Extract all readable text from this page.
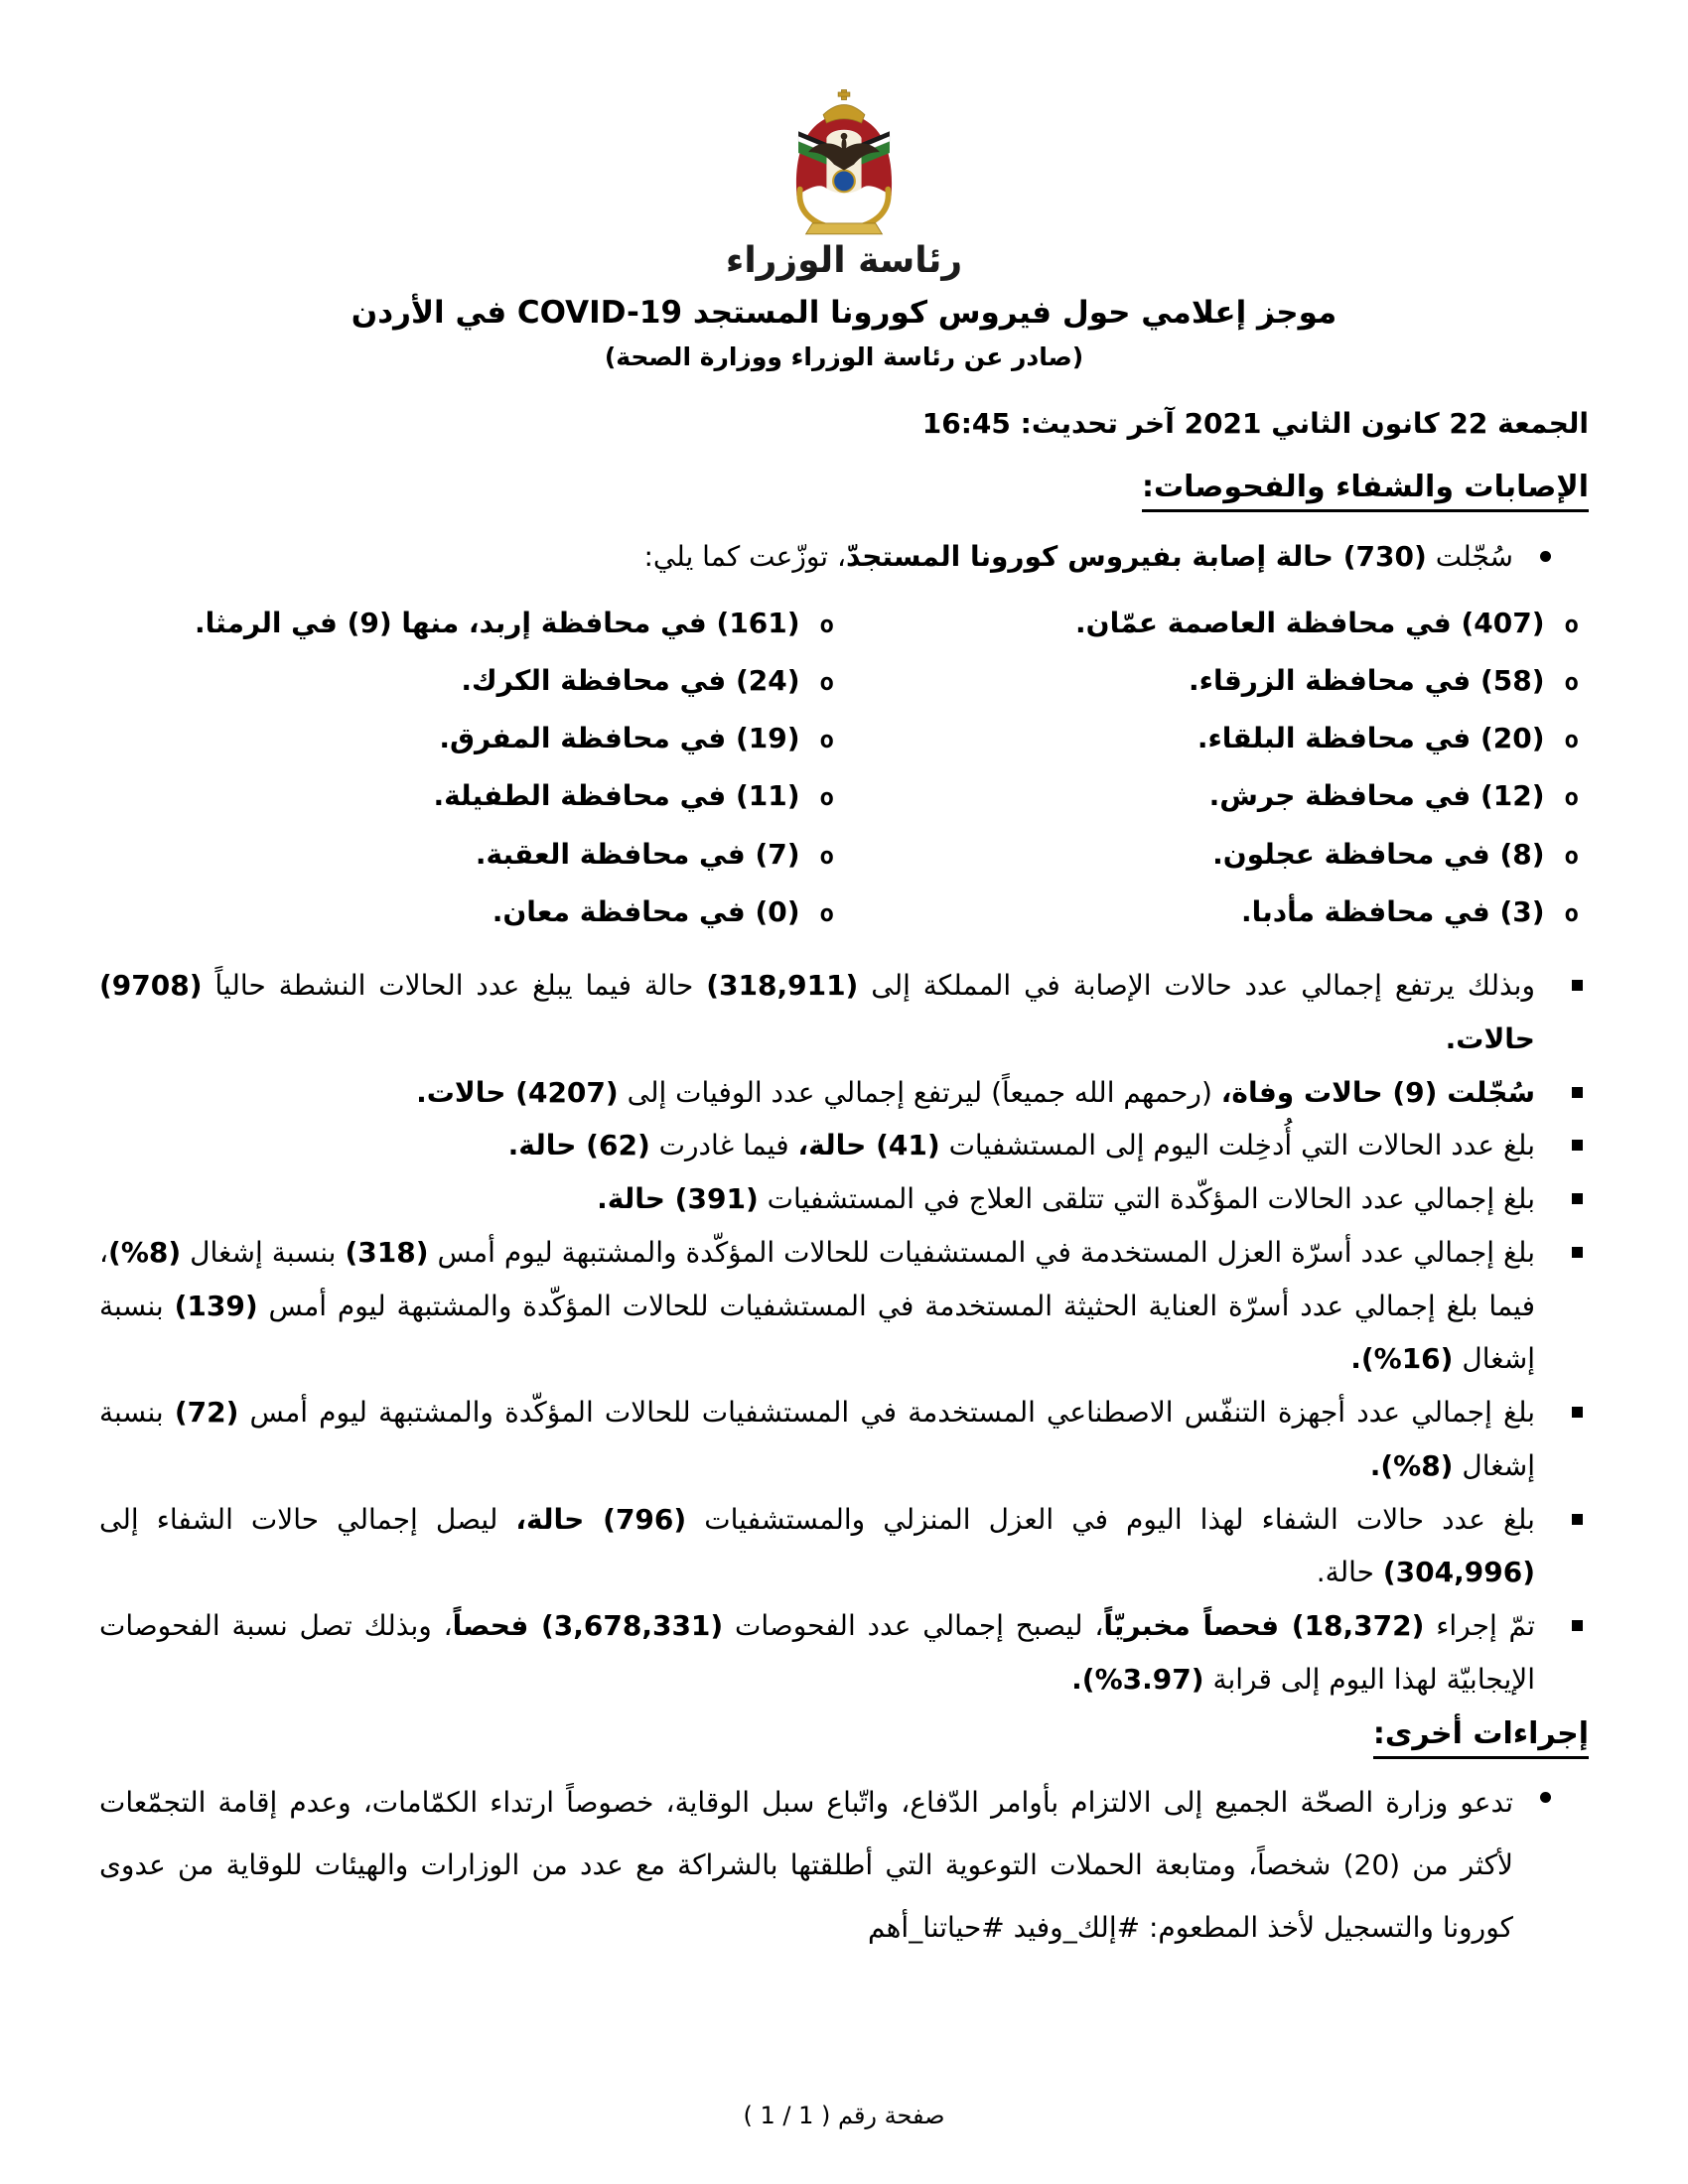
رئاسة الوزراء
موجز إعلامي حول فيروس كورونا المستجد COVID-19 في الأردن
(صادر عن رئاسة الوزراء ووزارة الصحة)
الجمعة 22 كانون الثاني 2021 آخر تحديث: 16:45
الإصابات والشفاء والفحوصات:
سُجّلت (730) حالة إصابة بفيروس كورونا المستجدّ، توزّعت كما يلي:
o
(407) في محافظة العاصمة عمّان.
o
(161) في محافظة إربد، منها (9) في الرمثا.
o
(58) في محافظة الزرقاء.
o
(24) في محافظة الكرك.
o
(20) في محافظة البلقاء.
o
(19) في محافظة المفرق.
o
(12) في محافظة جرش.
o
(11) في محافظة الطفيلة.
o
(8) في محافظة عجلون.
o
(7) في محافظة العقبة.
o
(3) في محافظة مأدبا.
o
(0) في محافظة معان.
وبذلك يرتفع إجمالي عدد حالات الإصابة في المملكة إلى (318,911) حالة فيما يبلغ عدد الحالات النشطة حالياً (9708) حالات.
سُجّلت (9) حالات وفاة، (رحمهم الله جميعاً) ليرتفع إجمالي عدد الوفيات إلى (4207) حالات.
بلغ عدد الحالات التي أُدخِلت اليوم إلى المستشفيات (41) حالة، فيما غادرت (62) حالة.
بلغ إجمالي عدد الحالات المؤكّدة التي تتلقى العلاج في المستشفيات (391) حالة.
بلغ إجمالي عدد أسرّة العزل المستخدمة في المستشفيات للحالات المؤكّدة والمشتبهة ليوم أمس (318) بنسبة إشغال (8%)، فيما بلغ إجمالي عدد أسرّة العناية الحثيثة المستخدمة في المستشفيات للحالات المؤكّدة والمشتبهة ليوم أمس (139) بنسبة إشغال (16%).
بلغ إجمالي عدد أجهزة التنفّس الاصطناعي المستخدمة في المستشفيات للحالات المؤكّدة والمشتبهة ليوم أمس (72) بنسبة إشغال (8%).
بلغ عدد حالات الشفاء لهذا اليوم في العزل المنزلي والمستشفيات (796) حالة، ليصل إجمالي حالات الشفاء إلى (304,996) حالة.
تمّ إجراء (18,372) فحصاً مخبريّاً، ليصبح إجمالي عدد الفحوصات (3,678,331) فحصاً، وبذلك تصل نسبة الفحوصات الإيجابيّة لهذا اليوم إلى قرابة (3.97%).
إجراءات أخرى:
تدعو وزارة الصحّة الجميع إلى الالتزام بأوامر الدّفاع، واتّباع سبل الوقاية، خصوصاً ارتداء الكمّامات، وعدم إقامة التجمّعات لأكثر من (20) شخصاً، ومتابعة الحملات التوعوية التي أطلقتها بالشراكة مع عدد من الوزارات والهيئات للوقاية من عدوى كورونا والتسجيل لأخذ المطعوم: #إلك_وفيد #حياتنا_أهم
صفحة رقم ( 1 / 1 )
